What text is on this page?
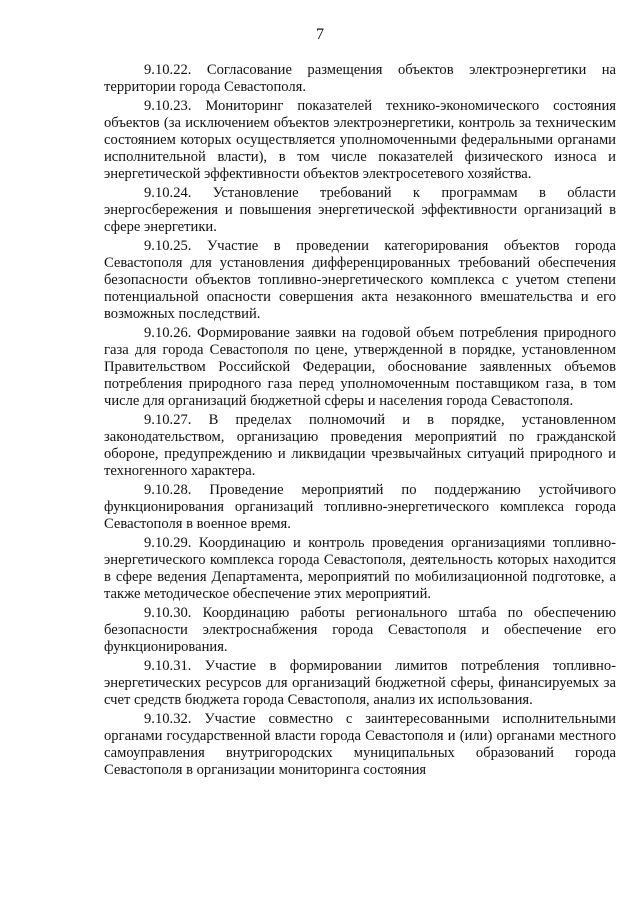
7

9.10.22. Согласование размещения объектов электроэнергетики на территории города Севастополя.

9.10.23. Мониторинг показателей технико-экономического состояния объектов (за исключением объектов электроэнергетики, контроль за техническим состоянием которых осуществляется уполномоченными федеральными органами исполнительной власти), в том числе показателей физического износа и энергетической эффективности объектов электросетевого хозяйства.

9.10.24. Установление требований к программам в области энергосбережения и повышения энергетической эффективности организаций в сфере энергетики.

9.10.25. Участие в проведении категорирования объектов города Севастополя для установления дифференцированных требований обеспечения безопасности объектов топливно-энергетического комплекса с учетом степени потенциальной опасности совершения акта незаконного вмешательства и его возможных последствий.

9.10.26. Формирование заявки на годовой объем потребления природного газа для города Севастополя по цене, утвержденной в порядке, установленном Правительством Российской Федерации, обоснование заявленных объемов потребления природного газа перед уполномоченным поставщиком газа, в том числе для организаций бюджетной сферы и населения города Севастополя.

9.10.27. В пределах полномочий и в порядке, установленном законодательством, организацию проведения мероприятий по гражданской обороне, предупреждению и ликвидации чрезвычайных ситуаций природного и техногенного характера.

9.10.28. Проведение мероприятий по поддержанию устойчивого функционирования организаций топливно-энергетического комплекса города Севастополя в военное время.

9.10.29. Координацию и контроль проведения организациями топливно-энергетического комплекса города Севастополя, деятельность которых находится в сфере ведения Департамента, мероприятий по мобилизационной подготовке, а также методическое обеспечение этих мероприятий.

9.10.30. Координацию работы регионального штаба по обеспечению безопасности электроснабжения города Севастополя и обеспечение его функционирования.

9.10.31. Участие в формировании лимитов потребления топливно-энергетических ресурсов для организаций бюджетной сферы, финансируемых за счет средств бюджета города Севастополя, анализ их использования.

9.10.32. Участие совместно с заинтересованными исполнительными органами государственной власти города Севастополя и (или) органами местного самоуправления внутригородских муниципальных образований города Севастополя в организации мониторинга состояния
